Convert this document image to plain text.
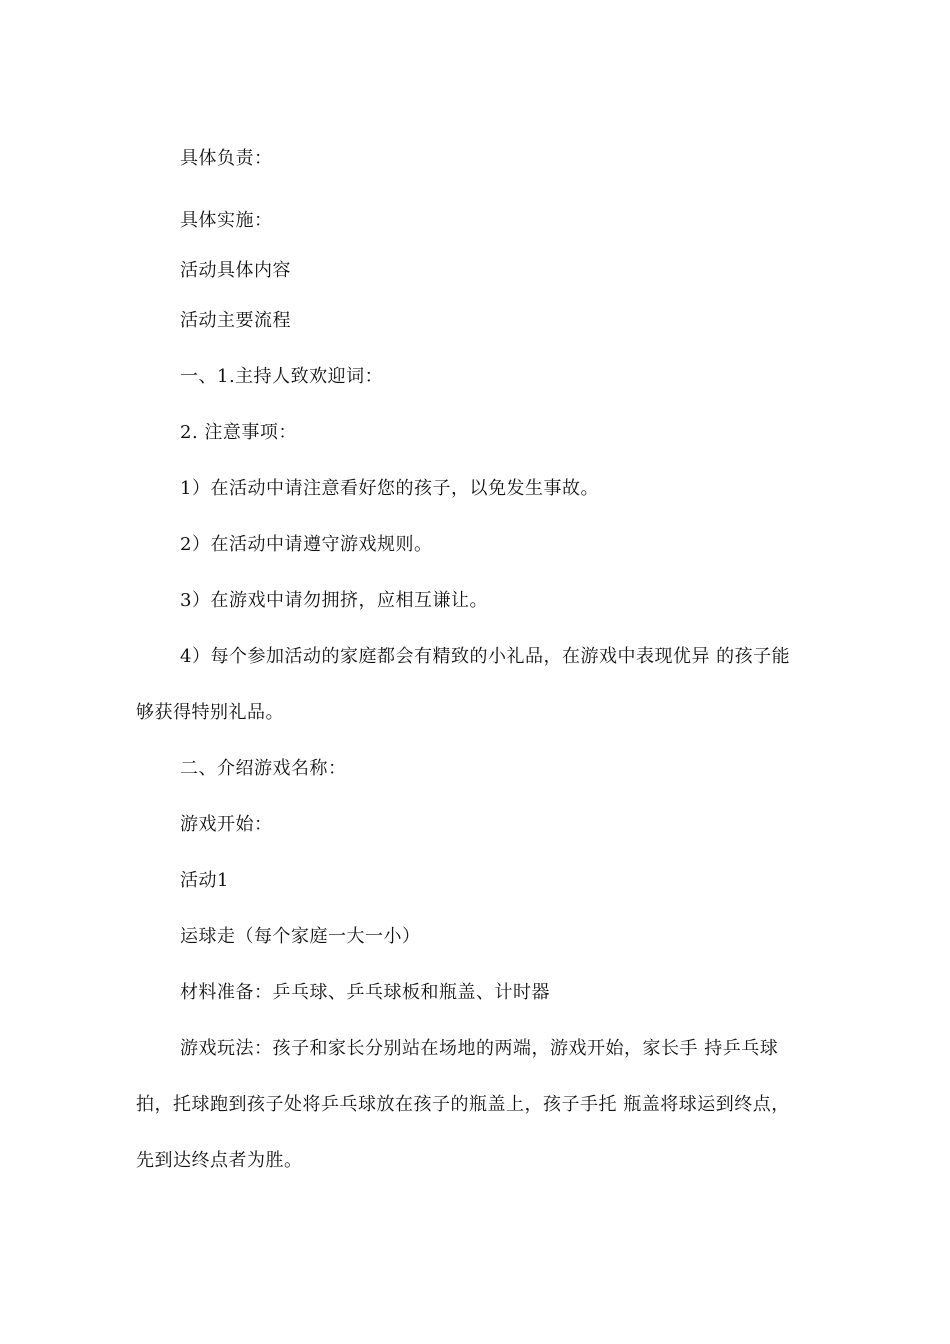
具体负责：
具体实施：
活动具体内容
活动主要流程
一、1.主持人致欢迎词：
2. 注意事项：
1）在活动中请注意看好您的孩子，以免发生事故。
2）在活动中请遵守游戏规则。
3）在游戏中请勿拥挤，应相互谦让。
4）每个参加活动的家庭都会有精致的小礼品，在游戏中表现优异 的孩子能
够获得特别礼品。
二、介绍游戏名称：
游戏开始：
活动1
运球走（每个家庭一大一小）
材料准备：乒乓球、乒乓球板和瓶盖、计时器
游戏玩法：孩子和家长分别站在场地的两端，游戏开始，家长手 持乒乓球
拍，托球跑到孩子处将乒乓球放在孩子的瓶盖上，孩子手托 瓶盖将球运到终点，
先到达终点者为胜。
